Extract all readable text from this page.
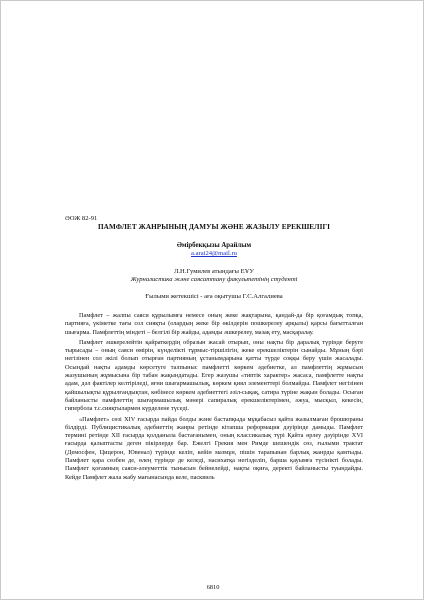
ӘОЖ 82-91

ПАМФЛЕТ ЖАНРЫНЫҢ ДАМУЫ ЖӘНЕ ЖАЗЫЛУ ЕРЕКШЕЛІГІ

Әмірбекқызы Арайлым

a.arai24@mail.ru

Л.Н.Гумилев атындағы ЕҰУ

Журналистика және саясаттану факультетінің студенті

Ғылыми жетекшісі - аға оқытушы Г.С.Алгалиева

Памфлет – жалпы саяси құрылымға немесе оның жеке жақтарына, қандай-да бір қоғамдық топқа, партияға, үкіметке тағы сол сияқты (олардың жеке бір өкілдерін пошкерелеу арқылы) қарсы бағытталған шығарма. Памфлеттің міндеті – белгілі бір жайды, адамды әшкерелеу, мазақ ету, масқаралау.

Памфлет әшкерелейтін қайраткердің образын жасай отырып, оны нақты бір даралық түрінде беруге тырысады – оның саяси өмірін, күнделікті тұрмыс-тіршілігін, жеке ерекшеліктерін сынайды. Мұның бәрі негізінен сол әкілі болып отырған партияның ұстанымдарына қатты түрде соққы беру үшін жасалады. Осындай нақты адамды көрсетуге талпыныс памфлетті көркем әдебиетке, ал памфлеттің жұмысын жазушының жұмысына бір табан жақындатады. Егер жазушы «типтік характер» жасаса, памфлетте нақты адам, дәл фактілер келтіріледі, яғни шығармашылық, көркем қиял элементтері болмайды. Памфлет негізінен қайшылықты құрылғандықтан, көбінесе көркем әдебиеттегі әзіл-сықақ, сатира түріне жақын болады. Осыған байланысты памфлеттің шығармашылық мәнері сапиралық ерекшеліктерімен, әжуа, мысқыл, кекесін, гипербола т.с.сияқтылармен күрделене түседі.

«Памфлет» сөзі XIV ғасырда пайда болды және бастапқыда мұқабасыз қайта жазылмаған брошюраны білдірді. Публицистикалық әдебиеттің жанры ретінде кітапша реформация дәуірінде дамыды. Памфлет термині ретінде XII ғасырда қолданыла бастағанымен, оның классикалық түрі Қайта өрлеу дәуірінде XVI ғасырда қалыптасты деген пікірлерде бар. Ежелгі Грекия мен Римде шешендік сөз, ғылыми трактат (Демосфен, Цицерон, Ювенал) түрінде келіп, кейін мазмұн, пішін тарапынан барлық жанрды қамтыды. Памфлет қара сөзбен де, өлең түрінде де келеді, насихатқа негізделіп, барша қауымға түсінікті болады. Памфлет қоғамның саяси-әлеуметтік тынысын бейнелейді, нақты оқиға, деректі байланысты туындайды. Кейде Памфлет жала жабу мағынасында келе, пасквиль

6810
